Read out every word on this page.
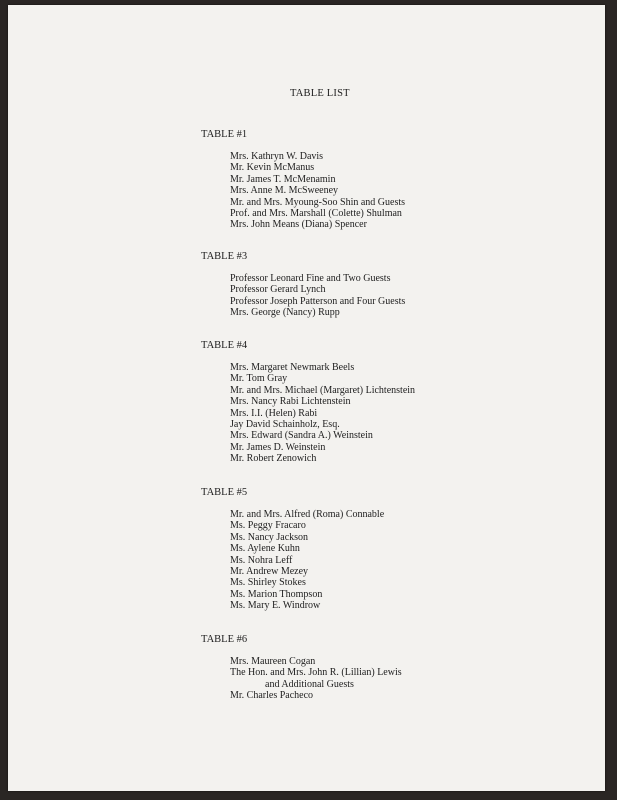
TABLE LIST
TABLE #1
Mrs. Kathryn W. Davis
Mr. Kevin McManus
Mr. James T. McMenamin
Mrs. Anne M. McSweeney
Mr. and Mrs. Myoung-Soo Shin and Guests
Prof. and Mrs. Marshall (Colette) Shulman
Mrs. John Means (Diana) Spencer
TABLE #3
Professor Leonard Fine and Two Guests
Professor Gerard Lynch
Professor Joseph Patterson and Four Guests
Mrs. George (Nancy) Rupp
TABLE #4
Mrs. Margaret Newmark Beels
Mr. Tom Gray
Mr. and Mrs. Michael (Margaret) Lichtenstein
Mrs. Nancy Rabi Lichtenstein
Mrs. I.I. (Helen) Rabi
Jay David Schainholz, Esq.
Mrs. Edward (Sandra A.) Weinstein
Mr. James D. Weinstein
Mr. Robert Zenowich
TABLE #5
Mr. and Mrs. Alfred (Roma) Connable
Ms. Peggy Fracaro
Ms. Nancy Jackson
Ms. Aylene Kuhn
Ms. Nohra Leff
Mr. Andrew Mezey
Ms. Shirley Stokes
Ms. Marion Thompson
Ms. Mary E. Windrow
TABLE #6
Mrs. Maureen Cogan
The Hon. and Mrs. John R. (Lillian) Lewis
and Additional Guests
Mr. Charles Pacheco
